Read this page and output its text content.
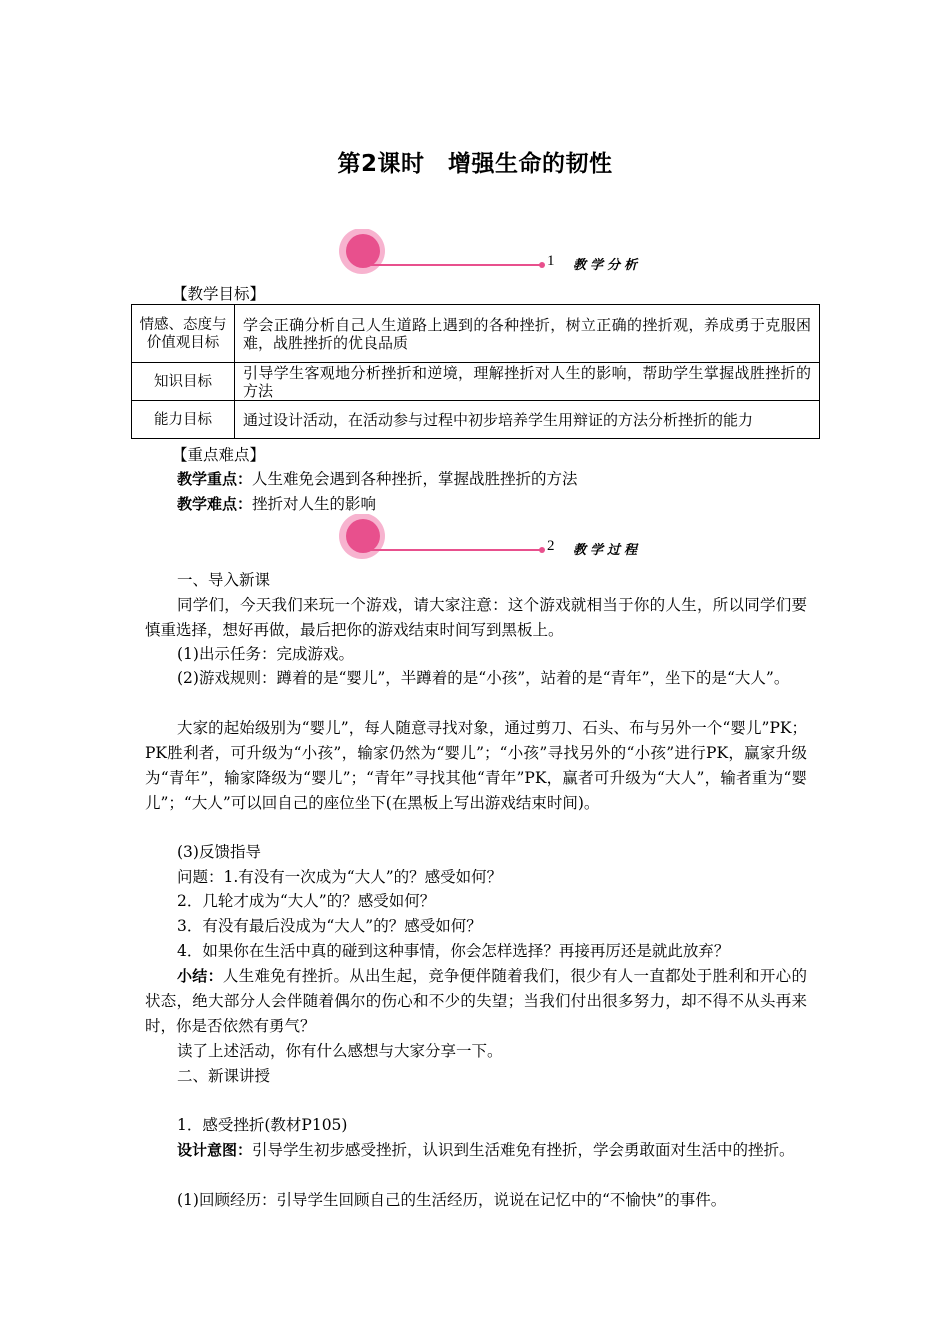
第2课时　增强生命的韧性
1 教学分析
【教学目标】
情感、态度与价值观目标	学会正确分析自己人生道路上遇到的各种挫折，树立正确的挫折观，养成勇于克服困难，战胜挫折的优良品质
知识目标	引导学生客观地分析挫折和逆境，理解挫折对人生的影响，帮助学生掌握战胜挫折的方法
能力目标	通过设计活动，在活动参与过程中初步培养学生用辩证的方法分析挫折的能力
【重点难点】
教学重点：人生难免会遇到各种挫折，掌握战胜挫折的方法
教学难点：挫折对人生的影响
2 教学过程
一、导入新课
同学们，今天我们来玩一个游戏，请大家注意：这个游戏就相当于你的人生，所以同学们要慎重选择，想好再做，最后把你的游戏结束时间写到黑板上。
(1)出示任务：完成游戏。
(2)游戏规则：蹲着的是“婴儿”，半蹲着的是“小孩”，站着的是“青年”，坐下的是“大人”。
大家的起始级别为“婴儿”，每人随意寻找对象，通过剪刀、石头、布与另外一个“婴儿”PK；PK胜利者，可升级为“小孩”，输家仍然为“婴儿”；“小孩”寻找另外的“小孩”进行PK，赢家升级为“青年”，输家降级为“婴儿”；“青年”寻找其他“青年”PK，赢者可升级为“大人”，输者重为“婴儿”；“大人”可以回自己的座位坐下(在黑板上写出游戏结束时间)。
(3)反馈指导
问题：1.有没有一次成为“大人”的？感受如何？
2．几轮才成为“大人”的？感受如何？
3．有没有最后没成为“大人”的？感受如何？
4．如果你在生活中真的碰到这种事情，你会怎样选择？再接再厉还是就此放弃？
小结：人生难免有挫折。从出生起，竞争便伴随着我们，很少有人一直都处于胜利和开心的状态，绝大部分人会伴随着偶尔的伤心和不少的失望；当我们付出很多努力，却不得不从头再来时，你是否依然有勇气？
读了上述活动，你有什么感想与大家分享一下。
二、新课讲授
1．感受挫折(教材P105)
设计意图：引导学生初步感受挫折，认识到生活难免有挫折，学会勇敢面对生活中的挫折。
(1)回顾经历：引导学生回顾自己的生活经历，说说在记忆中的“不愉快”的事件。
